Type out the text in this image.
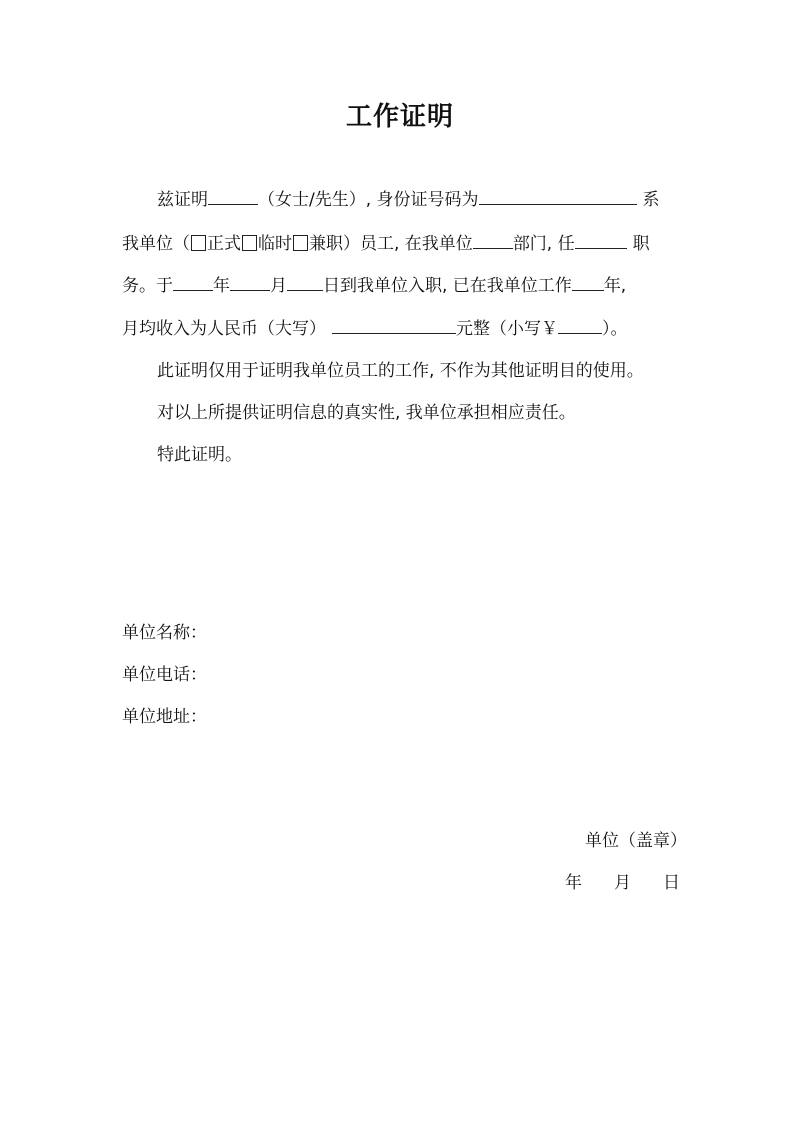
工作证明
兹证明	（女士/先生）, 身份证号码为	系
我单位（ 正式 临时 兼职）员工, 在我单位 部门, 任	职
务。于 年 月 日到我单位入职, 已在我单位工作 年,
月均收入为人民币（大写）	元整（小写￥	）。
此证明仅用于证明我单位员工的工作, 不作为其他证明目的使用。
对以上所提供证明信息的真实性, 我单位承担相应责任。
特此证明。
单位名称：
单位电话：
单位地址：
单位（盖章）
年 月 日
